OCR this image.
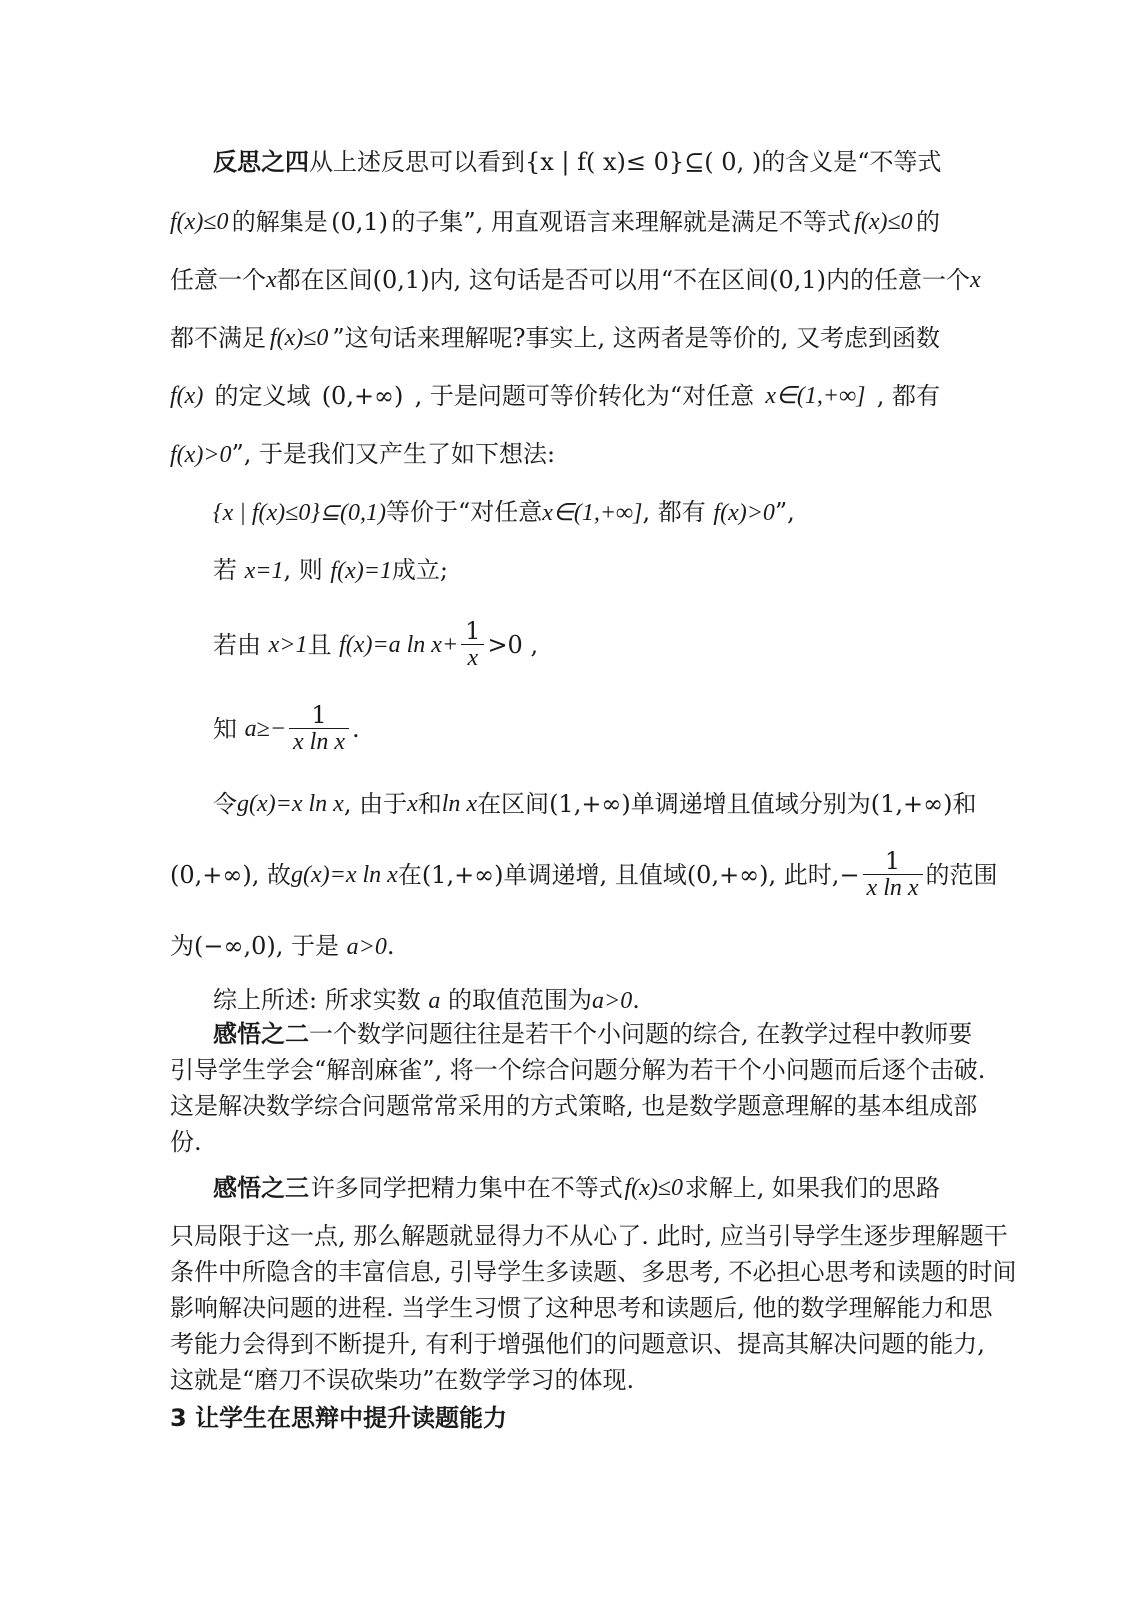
反思之四 从上述反思可以看到 {x | f( x)≤ 0}⊆( 0, ) 的含义是“不等式
f(x)≤0 的解集是 (0,1) 的子集”, 用直观语言来理解就是满足不等式 f(x)≤0 的
任意一个 x 都在区间 (0,1) 内, 这句话是否可以用“不在区间 (0,1) 内的任意一个 x
都不满足 f(x)≤0 ”这句话来理解呢?事实上, 这两者是等价的, 又考虑到函数
f(x) 的定义域 (0,+∞) , 于是问题可等价转化为“对任意 x∈(1,+∞] , 都有
f(x)>0”, 于是我们又产生了如下想法:
{x | f(x)≤0}⊆(0,1)等价于“对任意x∈(1,+∞], 都有 f(x)>0”,
若 x=1, 则 f(x)=1成立;
若由
x>1 且
f(x)=a $\ln x+ \frac{1}{x} >0$ ,
知
$a\ge- \frac{1}{\text{x ln x}}$ .
令 g(x)=x ln x , 由于 x 和 ln x 在区间 (1,+∞) 单调递增且值域分别为 (1,+∞) 和
(0,+∞) , 故 g(x)=x ln x 在 (1,+∞) 单调递增, 且值域 (0,+∞) , 此时, − $\frac{1}{\text{x ln x}}$ 的范围
为(−∞,0), 于是 a>0.
综上所述: 所求实数 a 的取值范围为a>0.
感悟之二 一个数学问题往往是若干个小问题的综合, 在教学过程中教师要
引导学生学会“解剖麻雀”, 将一个综合问题分解为若干个小问题而后逐个击破.
这是解决数学综合问题常常采用的方式策略, 也是数学题意理解的基本组成部
份.
感悟之三 许多同学把精力集中在不等式 f(x)≤0 求解上, 如果我们的思路
只局限于这一点, 那么解题就显得力不从心了. 此时, 应当引导学生逐步理解题干
条件中所隐含的丰富信息, 引导学生多读题、多思考, 不必担心思考和读题的时间
影响解决问题的进程. 当学生习惯了这种思考和读题后, 他的数学理解能力和思
考能力会得到不断提升, 有利于增强他们的问题意识、提高其解决问题的能力,
这就是“磨刀不误砍柴功”在数学学习的体现.
3 让学生在思辩中提升读题能力
